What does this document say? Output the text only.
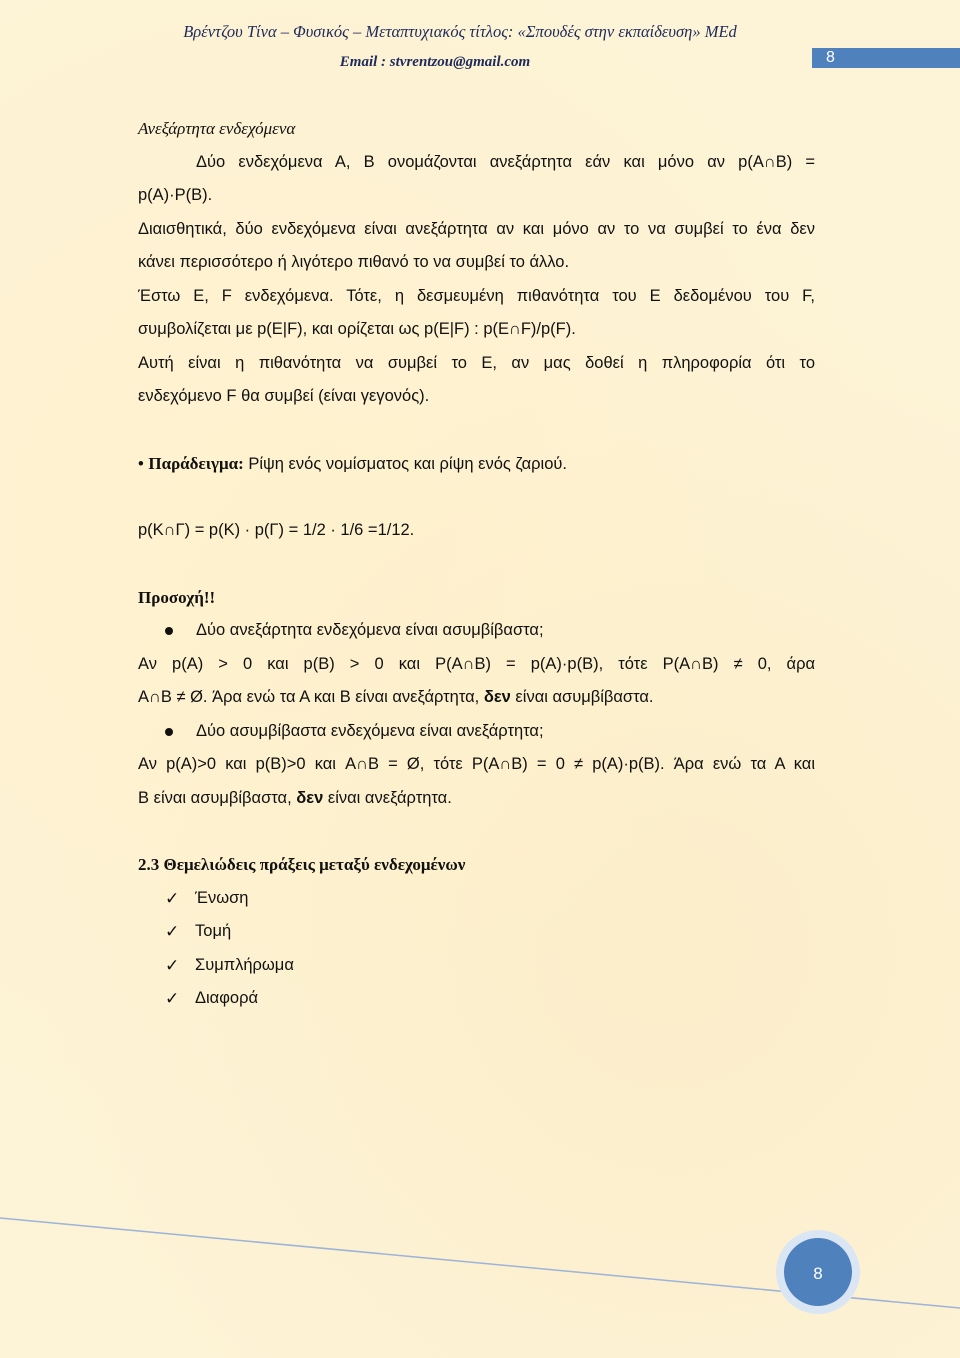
Βρέντζου Τίνα – Φυσικός – Μεταπτυχιακός τίτλος: «Σπουδές στην εκπαίδευση» MEd
Email : stvrentzou@gmail.com	8

Ανεξάρτητα ενδεχόμενα

Δύο ενδεχόμενα Α, Β ονομάζονται ανεξάρτητα εάν και μόνο αν p(A∩B) =

p(A)·P(B).

Διαισθητικά, δύο ενδεχόμενα είναι ανεξάρτητα αν και μόνο αν το να συμβεί το ένα δεν

κάνει περισσότερο ή λιγότερο πιθανό το να συμβεί το άλλο.

Έστω E, F ενδεχόμενα. Τότε, η δεσμευμένη πιθανότητα του E δεδομένου του F,

συμβολίζεται με p(E|F), και ορίζεται ως p(E|F) : p(E∩F)/p(F).

Αυτή είναι η πιθανότητα να συμβεί το E, αν μας δοθεί η πληροφορία ότι το

ενδεχόμενο F θα συμβεί (είναι γεγονός).

• Παράδειγμα: Ρίψη ενός νομίσματος και ρίψη ενός ζαριού.

p(Κ∩Γ) = p(Κ) · p(Γ) = 1/2 · 1/6 =1/12.

Προσοχή!!

Δύο ανεξάρτητα ενδεχόμενα είναι ασυμβίβαστα;

Αν p(A) > 0 και p(B) > 0 και P(A∩B) = p(A)·p(B), τότε P(A∩B) ≠ 0, άρα

A∩B ≠ Ø. Άρα ενώ τα Α και Β είναι ανεξάρτητα, δεν είναι ασυμβίβαστα.

Δύο ασυμβίβαστα ενδεχόμενα είναι ανεξάρτητα;

Αν p(A)>0 και p(B)>0 και A∩B = Ø, τότε P(A∩B) = 0 ≠ p(A)·p(B). Άρα ενώ τα Α και

Β είναι ασυμβίβαστα, δεν είναι ανεξάρτητα.

2.3 Θεμελιώδεις πράξεις μεταξύ ενδεχομένων

✓ Ένωση
✓ Τομή
✓ Συμπλήρωμα
✓ Διαφορά
8
